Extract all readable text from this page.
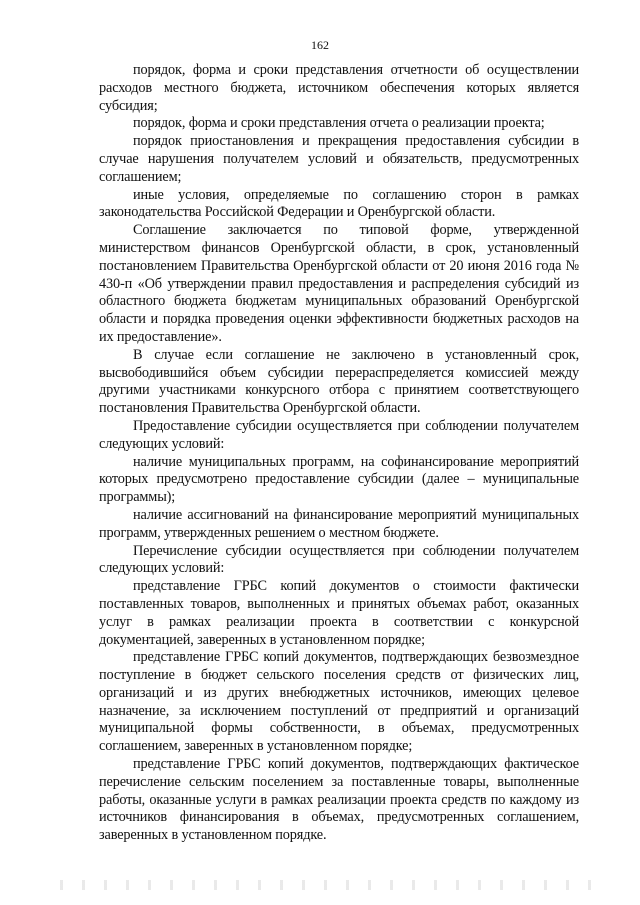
162

порядок, форма и сроки представления отчетности об осуществлении расходов местного бюджета, источником обеспечения которых является субсидия;

порядок, форма и сроки представления отчета о реализации проекта;

порядок приостановления и прекращения предоставления субсидии в случае нарушения получателем условий и обязательств, предусмотренных соглашением;

иные условия, определяемые по соглашению сторон в рамках законодательства Российской Федерации и Оренбургской области.

Соглашение заключается по типовой форме, утвержденной министерством финансов Оренбургской области, в срок, установленный постановлением Правительства Оренбургской области от 20 июня 2016 года № 430-п «Об утверждении правил предоставления и распределения субсидий из областного бюджета бюджетам муниципальных образований Оренбургской области и порядка проведения оценки эффективности бюджетных расходов на их предоставление».

В случае если соглашение не заключено в установленный срок, высвободившийся объем субсидии перераспределяется комиссией между другими участниками конкурсного отбора с принятием соответствующего постановления Правительства Оренбургской области.

Предоставление субсидии осуществляется при соблюдении получателем следующих условий:

наличие муниципальных программ, на софинансирование мероприятий которых предусмотрено предоставление субсидии (далее – муниципальные программы);

наличие ассигнований на финансирование мероприятий муниципальных программ, утвержденных решением о местном бюджете.

Перечисление субсидии осуществляется при соблюдении получателем следующих условий:

представление ГРБС копий документов о стоимости фактически поставленных товаров, выполненных и принятых объемах работ, оказанных услуг в рамках реализации проекта в соответствии с конкурсной документацией, заверенных в установленном порядке;

представление ГРБС копий документов, подтверждающих безвозмездное поступление в бюджет сельского поселения средств от физических лиц, организаций и из других внебюджетных источников, имеющих целевое назначение, за исключением поступлений от предприятий и организаций муниципальной формы собственности, в объемах, предусмотренных соглашением, заверенных в установленном порядке;

представление ГРБС копий документов, подтверждающих фактическое перечисление сельским поселением за поставленные товары, выполненные работы, оказанные услуги в рамках реализации проекта средств по каждому из источников финансирования в объемах, предусмотренных соглашением, заверенных в установленном порядке.
